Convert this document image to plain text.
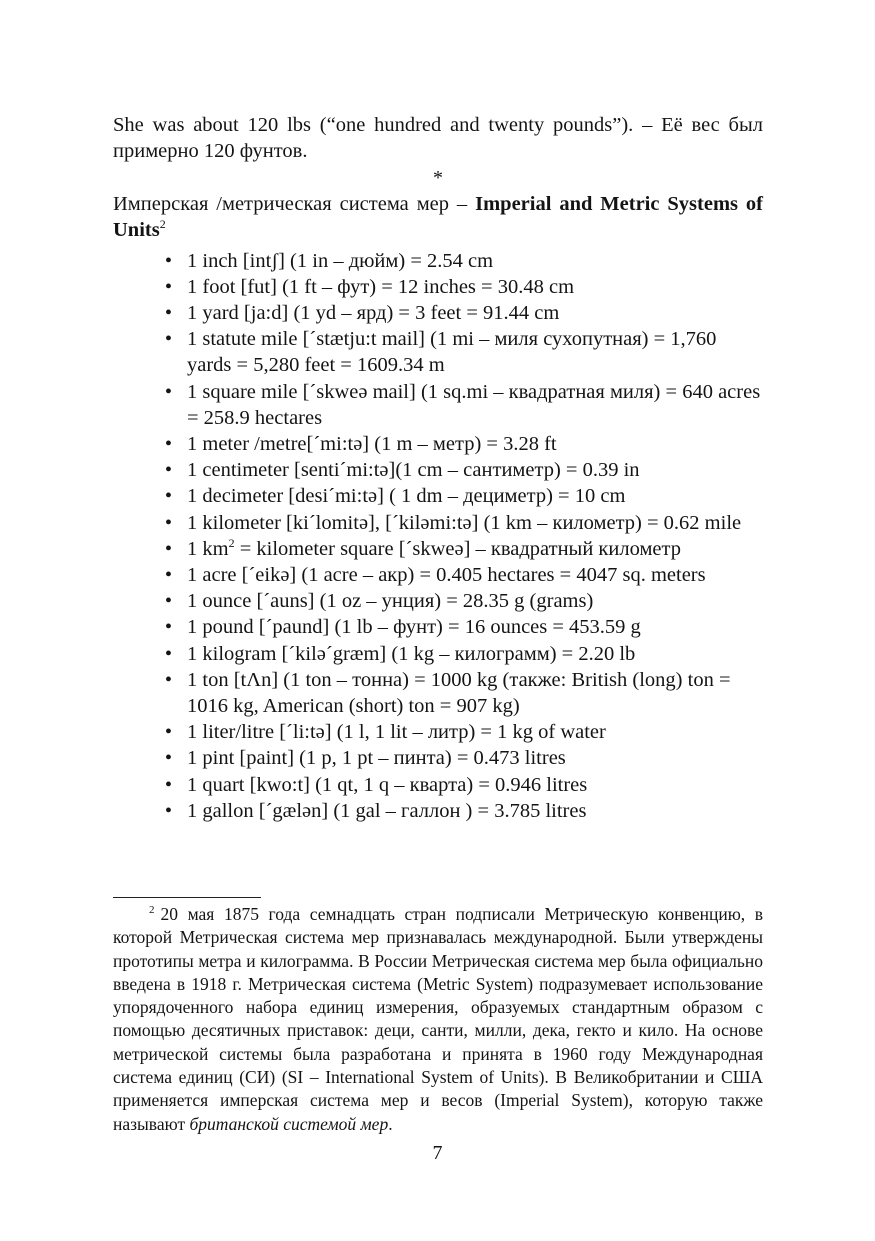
She was about 120 lbs (“one hundred and twenty pounds”). – Её вес был примерно 120 фунтов.

*

Имперская /метрическая система мер – Imperial and Metric Systems of Units$^2$

• 1 inch [intʃ] (1 in – дюйм) = 2.54 cm
• 1 foot [fut] (1 ft – фут) = 12 inches = 30.48 cm
• 1 yard [ja:d] (1 yd – ярд) = 3 feet = 91.44 cm
• 1 statute mile [´stætju:t mail] (1 mi – миля сухопутная) = 1,760 yards = 5,280 feet = 1609.34 m
• 1 square mile [´skweə mail] (1 sq.mi – квадратная миля) = 640 acres = 258.9 hectares
• 1 meter /metre[´mi:tə] (1 m – метр) = 3.28 ft
• 1 centimeter [senti´mi:tə](1 cm – сантиметр) = 0.39 in
• 1 decimeter [desi´mi:tə] ( 1 dm – дециметр) = 10 cm
• 1 kilometer [ki´lomitə], [´kiləmi:tə] (1 km – километр) = 0.62 mile
• 1 $km^2$ = kilometer square [´skweə] – квадратный километр
• 1 acre [´eikə] (1 acre – акр) = 0.405 hectares = 4047 sq. meters
• 1 ounce [´auns] (1 oz – унция) = 28.35 g (grams)
• 1 pound [´paund] (1 lb – фунт) = 16 ounces = 453.59 g
• 1 kilogram [´kilə´græm] (1 kg – килограмм) = 2.20 lb
• 1 ton [tΛn] (1 ton – тонна) = 1000 kg (также: British (long) ton = 1016 kg, American (short) ton = 907 kg)
• 1 liter/litre [´li:tə] (1 l, 1 lit – литр) = 1 kg of water
• 1 pint [paint] (1 p, 1 pt – пинта) = 0.473 litres
• 1 quart [kwo:t] (1 qt, 1 q – кварта) = 0.946 litres
• 1 gallon [´gælən] (1 gal – галлон ) = 3.785 litres

$^2$ 20 мая 1875 года семнадцать стран подписали Метрическую конвенцию, в которой Метрическая система мер признавалась международной. Были утверждены прототипы метра и килограмма. В России Метрическая система мер была официально введена в 1918 г. Метрическая система (Metric System) подразумевает использование упорядоченного набора единиц измерения, образуемых стандартным образом с помощью десятичных приставок: деци, санти, милли, дека, гекто и кило. На основе метрической системы была разработана и принята в 1960 году Международная система единиц (СИ) (SI – International System of Units). В Великобритании и США применяется имперская система мер и весов (Imperial System), которую также называют британской системой мер.

7
